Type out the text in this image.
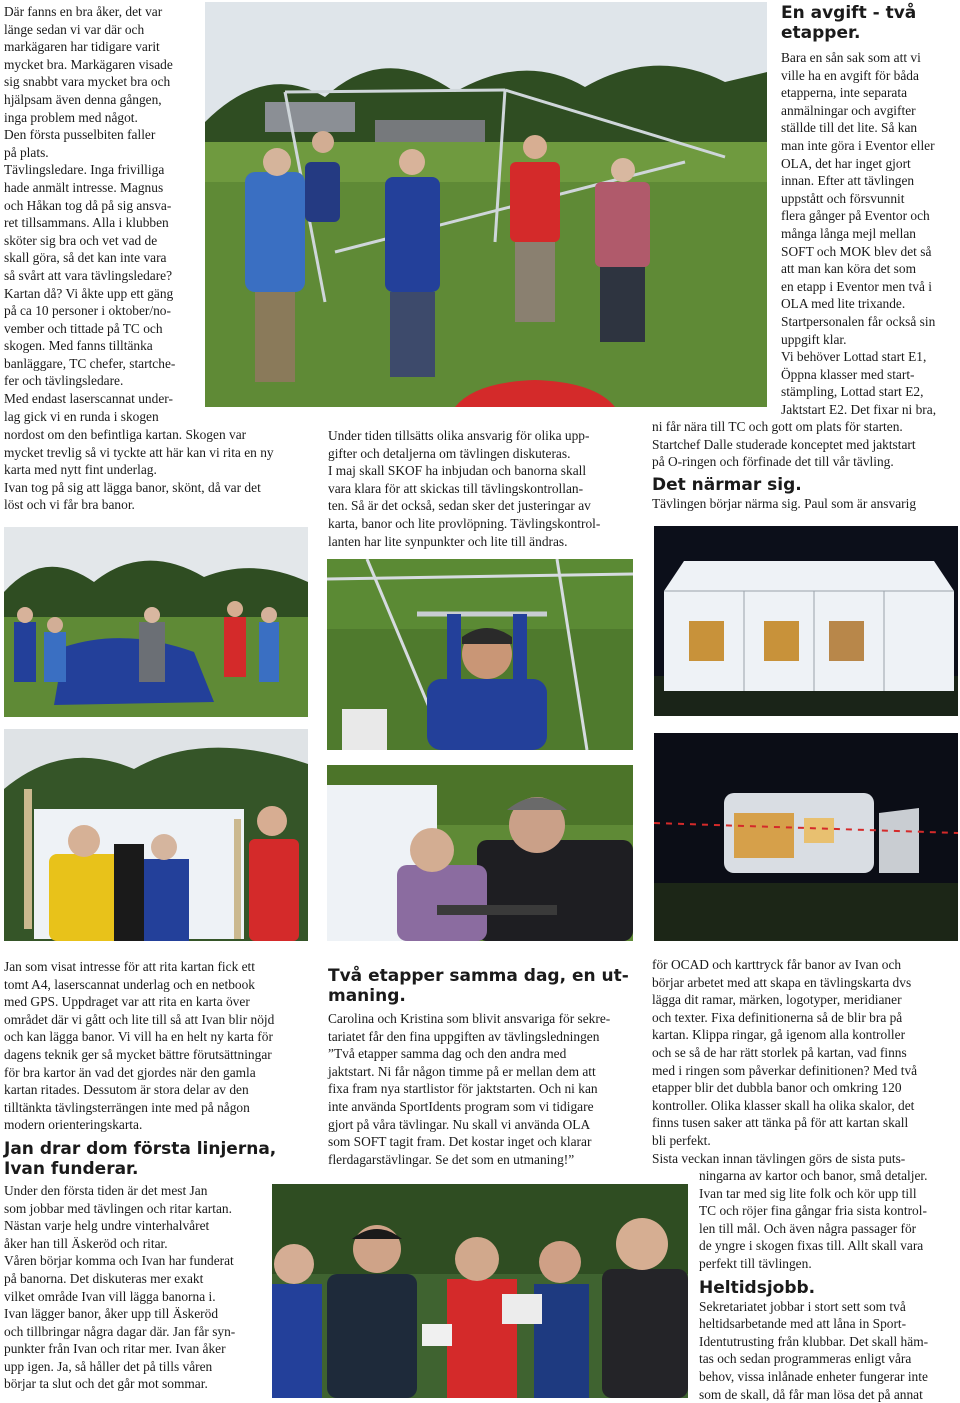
Där fanns en bra åker, det var

länge sedan vi var där och

markägaren har tidigare varit

mycket bra. Markägaren visade

sig snabbt vara mycket bra och

hjälpsam även denna gången,

inga problem med något.

Den första pusselbiten faller

på plats.

Tävlingsledare. Inga frivilliga

hade anmält intresse. Magnus

och Håkan tog då på sig ansva-

ret tillsammans. Alla i klubben

sköter sig bra och vet vad de

skall göra, så det kan inte vara

så svårt att vara tävlingsledare?

Kartan då? Vi åkte upp ett gäng

på ca 10 personer i oktober/no-

vember och tittade på TC och

skogen. Med fanns tilltänka

banläggare, TC chefer, startche-

fer och tävlingsledare.

Med endast laserscannat under-

lag gick vi en runda i skogen

nordost om den befintliga kartan. Skogen var

mycket trevlig så vi tyckte att här kan vi rita en ny

karta med nytt fint underlag.

Ivan tog på sig att lägga banor, skönt, då var det

löst och vi får bra banor.

Under tiden tillsätts olika ansvarig för olika upp-

gifter och detaljerna om tävlingen diskuteras.

I maj skall SKOF ha inbjudan och banorna skall

vara klara för att skickas till tävlingskontrollan-

ten. Så är det också, sedan sker det justeringar av

karta, banor och lite provlöpning. Tävlingskontrol-

lanten har lite synpunkter och lite till ändras.

En avgift - två

etapper.

Bara en sån sak som att vi

ville ha en avgift för båda

etapperna, inte separata

anmälningar och avgifter

ställde till det lite. Så kan

man inte göra i Eventor eller

OLA, det har inget gjort

innan. Efter att tävlingen

uppstått och försvunnit

flera gånger på Eventor och

många långa mejl mellan

SOFT och MOK blev det så

att man kan köra det som

en etapp i Eventor men två i

OLA med lite trixande.

Startpersonalen får också sin

uppgift klar.

Vi behöver Lottad start E1,

Öppna klasser med start-

stämpling, Lottad start E2,

Jaktstart E2. Det fixar ni bra,

ni får nära till TC och gott om plats för starten.

Startchef Dalle studerade konceptet med jaktstart

på O-ringen och förfinade det till vår tävling.

Det närmar sig.

Tävlingen börjar närma sig. Paul som är ansvarig

Jan som visat intresse för att rita kartan fick ett

tomt A4, laserscannat underlag och en netbook

med GPS. Uppdraget var att rita en karta över

området där vi gått och lite till så att Ivan blir nöjd

och kan lägga banor. Vi vill ha en helt ny karta för

dagens teknik ger så mycket bättre förutsättningar

för bra kartor än vad det gjordes när den gamla

kartan ritades. Dessutom är stora delar av den

tilltänkta tävlingsterrängen inte med på någon

modern orienteringskarta.

Jan drar dom första linjerna,

Ivan funderar.

Under den första tiden är det mest Jan

som jobbar med tävlingen och ritar kartan.

Nästan varje helg undre vinterhalvåret

åker han till Äskeröd och ritar.

Våren börjar komma och Ivan har funderat

på banorna. Det diskuteras mer exakt

vilket område Ivan vill lägga banorna i.

Ivan lägger banor, åker upp till Äskeröd

och tillbringar några dagar där. Jan får syn-

punkter från Ivan och ritar mer. Ivan åker

upp igen. Ja, så håller det på tills våren

börjar ta slut och det går mot sommar.

Två etapper samma dag, en ut-

maning.

Carolina och Kristina som blivit ansvariga för sekre-

tariatet får den fina uppgiften av tävlingsledningen

”Två etapper samma dag och den andra med

jaktstart. Ni får någon timme på er mellan dem att

fixa fram nya startlistor för jaktstarten. Och ni kan

inte använda SportIdents program som vi tidigare

gjort på våra tävlingar. Nu skall vi använda OLA

som SOFT tagit fram. Det kostar inget och klarar

flerdagarstävlingar. Se det som en utmaning!”

för OCAD och karttryck får banor av Ivan och

börjar arbetet med att skapa en tävlingskarta dvs

lägga dit ramar, märken, logotyper, meridianer

och texter. Fixa definitionerna så de blir bra på

kartan. Klippa ringar, gå igenom alla kontroller

och se så de har rätt storlek på kartan, vad finns

med i ringen som påverkar definitionen? Med två

etapper blir det dubbla banor och omkring 120

kontroller. Olika klasser skall ha olika skalor, det

finns tusen saker att tänka på för att kartan skall

bli perfekt.

Sista veckan innan tävlingen görs de sista puts-

ningarna av kartor och banor, små detaljer.

Ivan tar med sig lite folk och kör upp till

TC och röjer fina gångar fria sista kontrol-

len till mål. Och även några passager för

de yngre i skogen fixas till. Allt skall vara

perfekt till tävlingen.

Heltidsjobb.

Sekretariatet jobbar i stort sett som två

heltidsarbetande med att låna in Sport-

Identutrusting från klubbar. Det skall häm-

tas och sedan programmeras enligt våra

behov, vissa inlånade enheter fungerar inte

som de skall, då får man lösa det på annat
